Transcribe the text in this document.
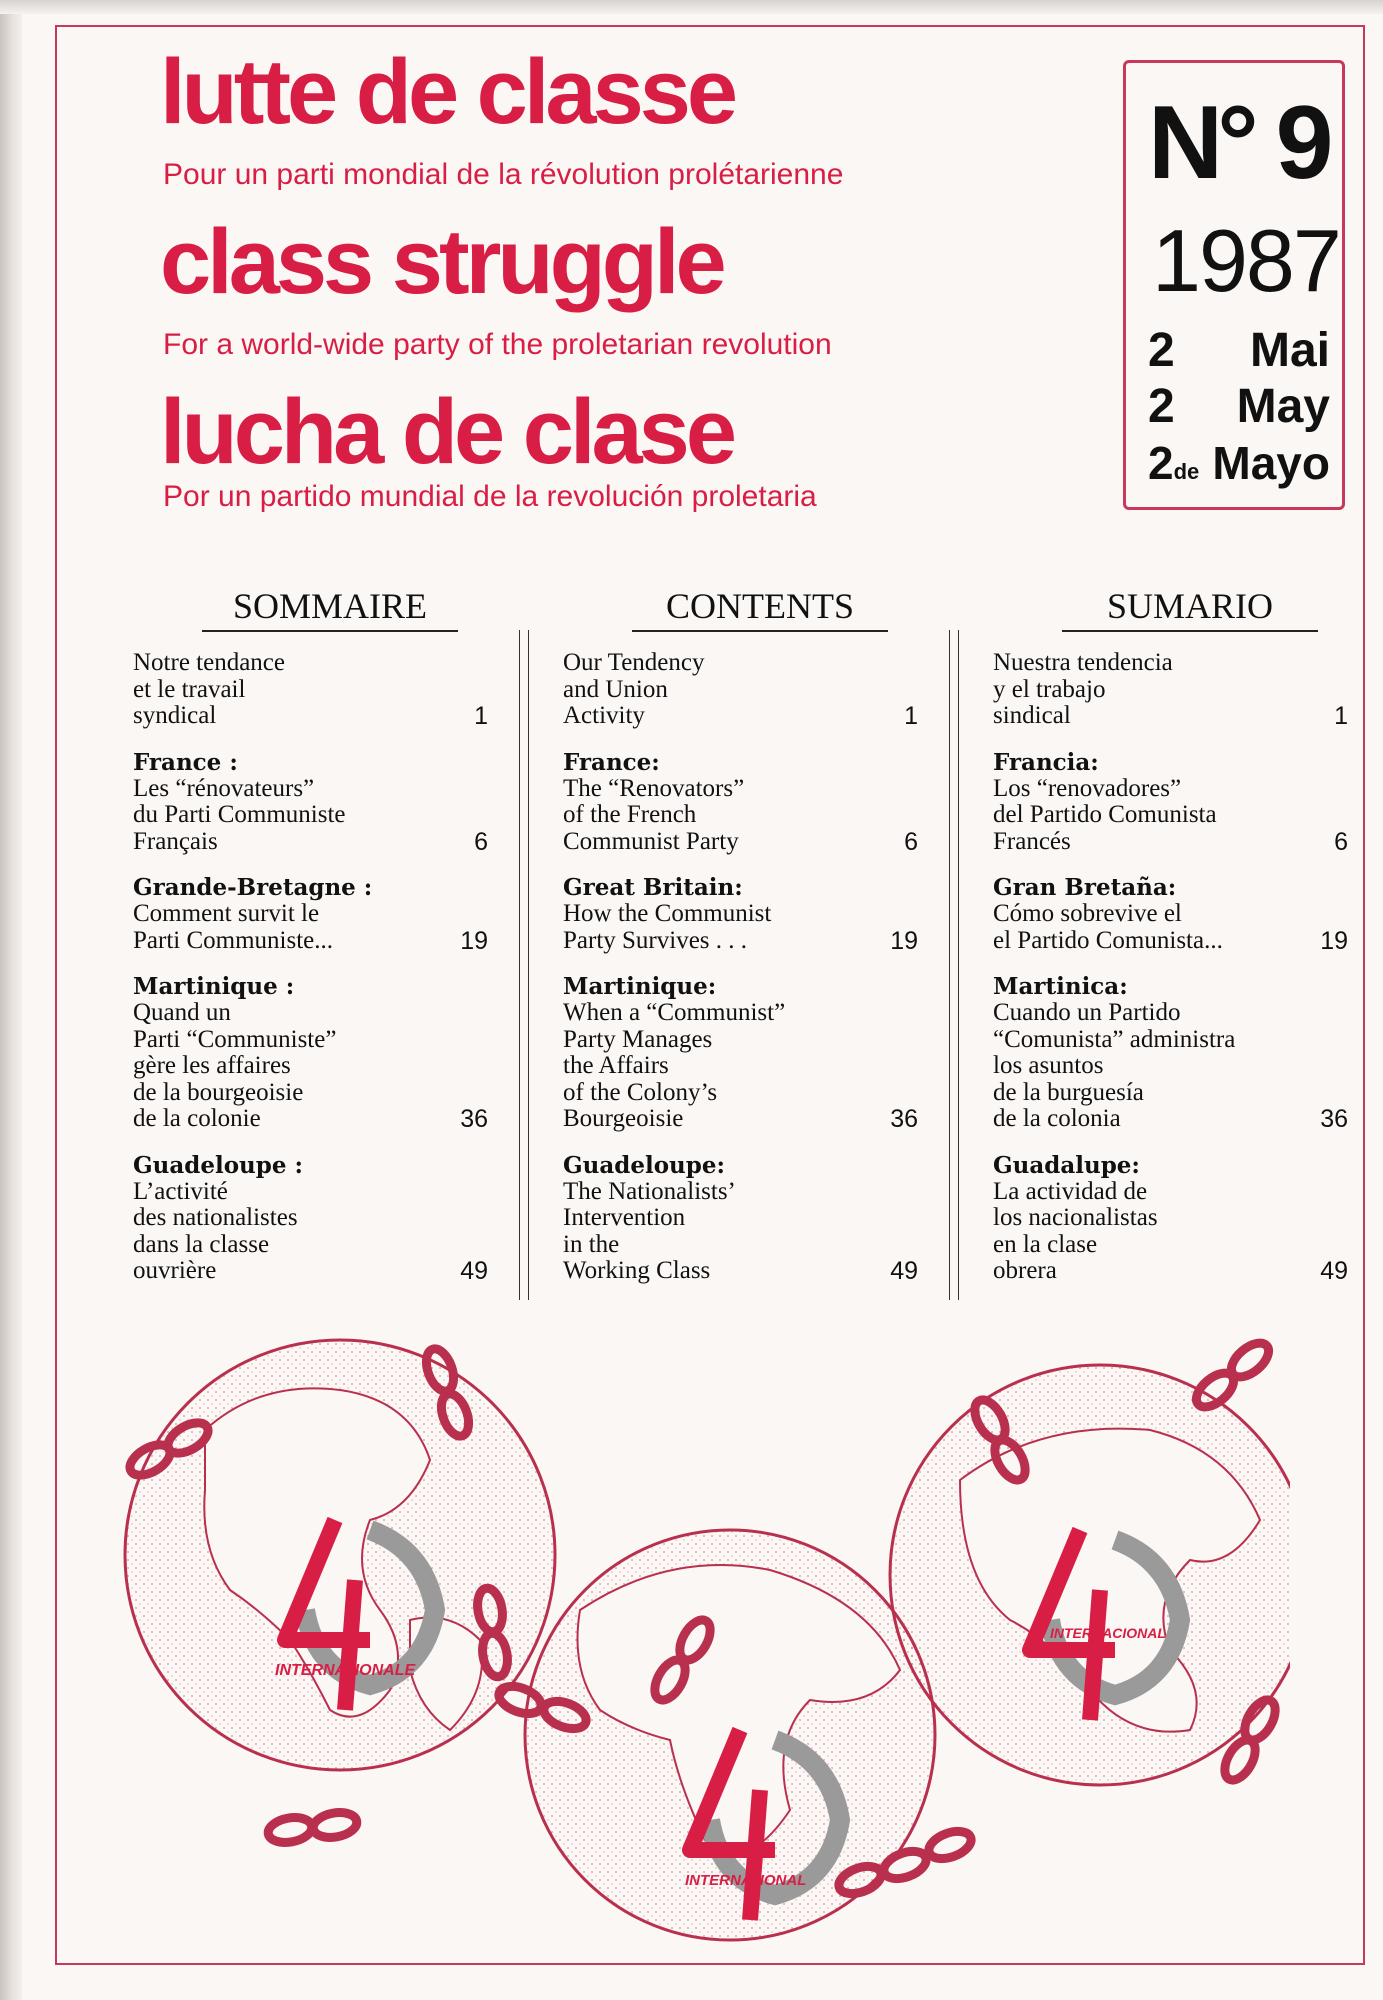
lutte de classe

Pour un parti mondial de la révolution prolétarienne

class struggle

For a world-wide party of the proletarian revolution

lucha de clase

Por un partido mundial de la revolución proletaria

N° 9
1987
2 Mai
2 May
2de Mayo
SOMMAIRE	CONTENTS	SUMARIO
Notre tendance
et le travail
syndical	1
France :
Les “rénovateurs”
du Parti Communiste
Français	6
Grande-Bretagne :
Comment survit le
Parti Communiste...	19
Martinique :
Quand un
Parti “Communiste”
gère les affaires
de la bourgeoisie
de la colonie	36
Guadeloupe :
L’activité
des nationalistes
dans la classe
ouvrière	49
Our Tendency
and Union
Activity	1
France:
The “Renovators”
of the French
Communist Party	6
Great Britain:
How the Communist
Party Survives . . .	19
Martinique:
When a “Communist”
Party Manages
the Affairs
of the Colony’s
Bourgeoisie	36
Guadeloupe:
The Nationalists’
Intervention
in the
Working Class	49
Nuestra tendencia
y el trabajo
sindical	1
Francia:
Los “renovadores”
del Partido Comunista
Francés	6
Gran Bretaña:
Cómo sobrevive el
el Partido Comunista...	19
Martinica:
Cuando un Partido
“Comunista” administra
los asuntos
de la burguesía
de la colonia	36
Guadalupe:
La actividad de
los nacionalistas
en la clase
obrera	49
INTERNATIONALE
INTERNATIONAL
INTERNACIONAL
